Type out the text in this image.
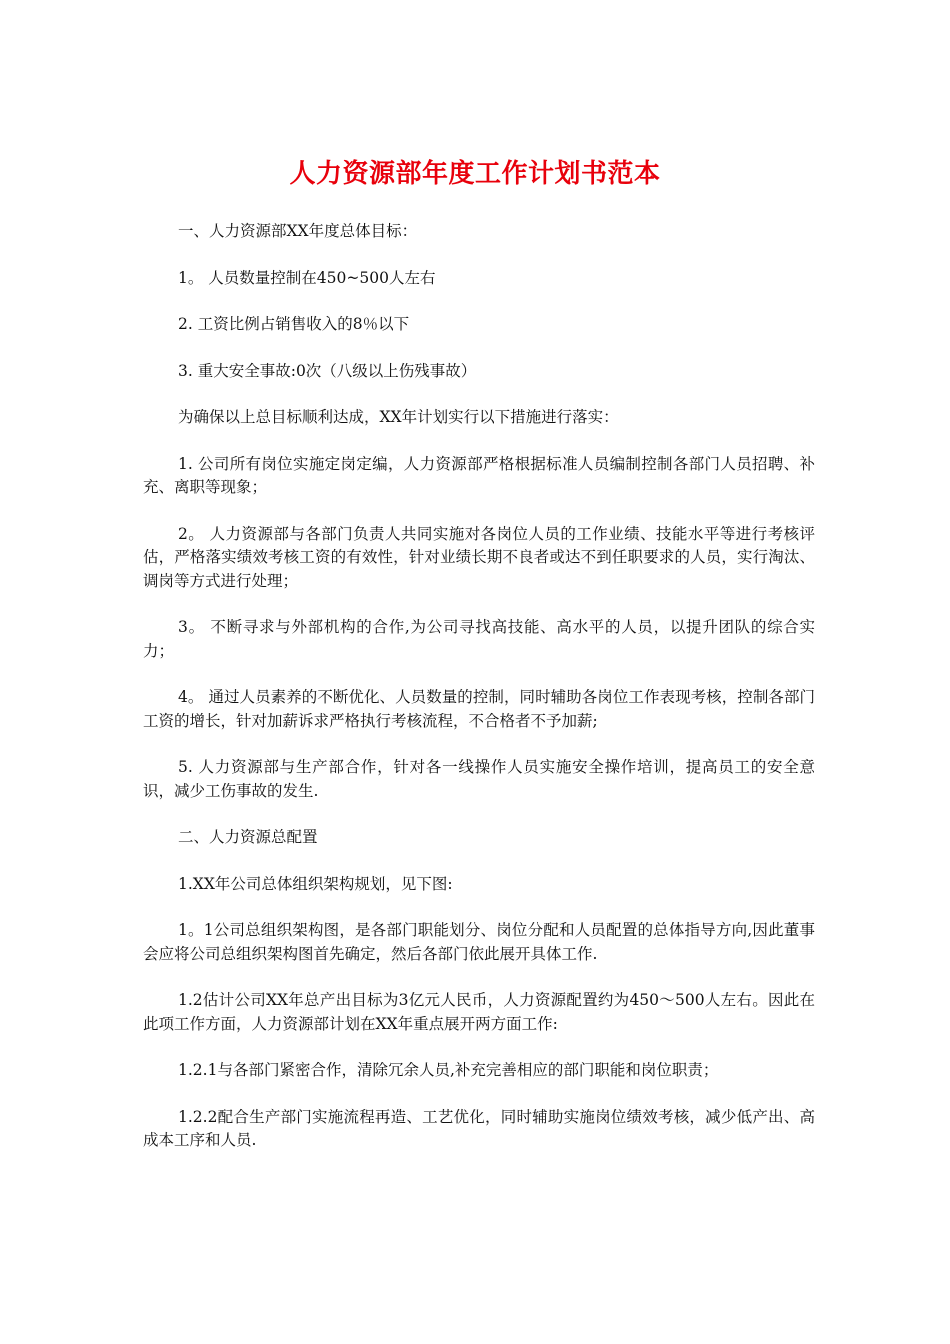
人力资源部年度工作计划书范本

一、人力资源部XX年度总体目标：

1。 人员数量控制在450~500人左右

2. 工资比例占销售收入的8％以下

3. 重大安全事故:0次（八级以上伤残事故）

为确保以上总目标顺利达成，XX年计划实行以下措施进行落实：

1. 公司所有岗位实施定岗定编，人力资源部严格根据标准人员编制控制各部门人员招聘、补充、离职等现象；

2。 人力资源部与各部门负责人共同实施对各岗位人员的工作业绩、技能水平等进行考核评估，严格落实绩效考核工资的有效性，针对业绩长期不良者或达不到任职要求的人员，实行淘汰、调岗等方式进行处理；

3。 不断寻求与外部机构的合作,为公司寻找高技能、高水平的人员，以提升团队的综合实力；

4。 通过人员素养的不断优化、人员数量的控制，同时辅助各岗位工作表现考核，控制各部门工资的增长，针对加薪诉求严格执行考核流程，不合格者不予加薪;

5. 人力资源部与生产部合作，针对各一线操作人员实施安全操作培训，提高员工的安全意识，减少工伤事故的发生.

二、人力资源总配置

1.XX年公司总体组织架构规划，见下图:

1。1公司总组织架构图，是各部门职能划分、岗位分配和人员配置的总体指导方向,因此董事会应将公司总组织架构图首先确定，然后各部门依此展开具体工作.

1.2估计公司XX年总产出目标为3亿元人民币，人力资源配置约为450～500人左右。因此在此项工作方面，人力资源部计划在XX年重点展开两方面工作:

1.2.1与各部门紧密合作，清除冗余人员,补充完善相应的部门职能和岗位职责；

1.2.2配合生产部门实施流程再造、工艺优化，同时辅助实施岗位绩效考核，减少低产出、高成本工序和人员.
